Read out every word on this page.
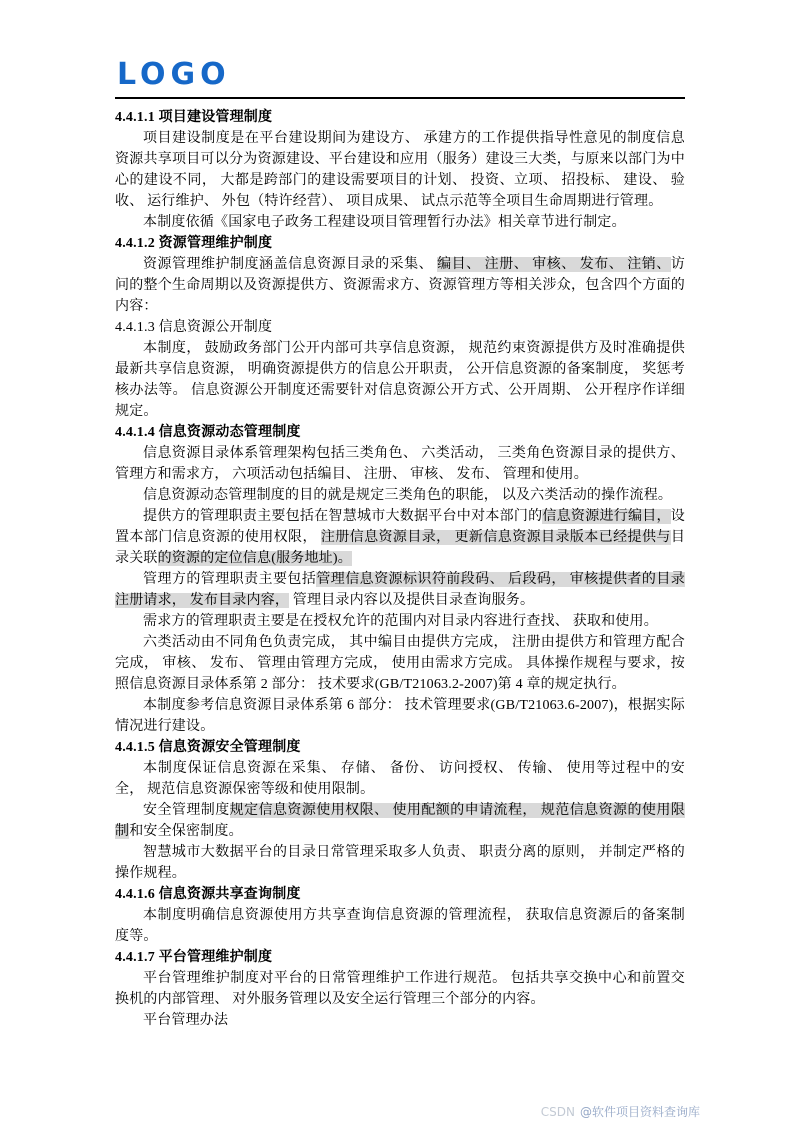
LOGO
4.4.1.1 项目建设管理制度

项目建设制度是在平台建设期间为建设方、 承建方的工作提供指导性意见的制度信息资源共享项目可以分为资源建设、平台建设和应用（服务）建设三大类，与原来以部门为中心的建设不同， 大都是跨部门的建设需要项目的计划、 投资、立项、 招投标、 建设、 验收、 运行维护、 外包（特许经营）、 项目成果、 试点示范等全项目生命周期进行管理。

本制度依循《国家电子政务工程建设项目管理暂行办法》相关章节进行制定。

4.4.1.2 资源管理维护制度

资源管理维护制度涵盖信息资源目录的采集、 编目、 注册、 审核、 发布、 注销、访问的整个生命周期以及资源提供方、资源需求方、资源管理方等相关涉众，包含四个方面的内容：

4.4.1.3 信息资源公开制度

本制度， 鼓励政务部门公开内部可共享信息资源， 规范约束资源提供方及时准确提供最新共享信息资源， 明确资源提供方的信息公开职责， 公开信息资源的备案制度， 奖惩考核办法等。 信息资源公开制度还需要针对信息资源公开方式、公开周期、 公开程序作详细规定。

4.4.1.4 信息资源动态管理制度

信息资源目录体系管理架构包括三类角色、 六类活动， 三类角色资源目录的提供方、管理方和需求方， 六项活动包括编目、 注册、 审核、 发布、 管理和使用。

信息资源动态管理制度的目的就是规定三类角色的职能， 以及六类活动的操作流程。

提供方的管理职责主要包括在智慧城市大数据平台中对本部门的信息资源进行编目，设置本部门信息资源的使用权限， 注册信息资源目录， 更新信息资源目录版本已经提供与目录关联的资源的定位信息(服务地址)。

管理方的管理职责主要包括管理信息资源标识符前段码、 后段码， 审核提供者的目录注册请求， 发布目录内容， 管理目录内容以及提供目录查询服务。

需求方的管理职责主要是在授权允许的范围内对目录内容进行查找、 获取和使用。

六类活动由不同角色负责完成， 其中编目由提供方完成， 注册由提供方和管理方配合完成， 审核、 发布、 管理由管理方完成， 使用由需求方完成。 具体操作规程与要求，按照信息资源目录体系第 2 部分： 技术要求(GB/T21063.2-2007)第 4 章的规定执行。

本制度参考信息资源目录体系第 6 部分： 技术管理要求(GB/T21063.6-2007)，根据实际情况进行建设。

4.4.1.5 信息资源安全管理制度

本制度保证信息资源在采集、 存储、 备份、 访问授权、 传输、 使用等过程中的安全， 规范信息资源保密等级和使用限制。

安全管理制度规定信息资源使用权限、 使用配额的申请流程， 规范信息资源的使用限制和安全保密制度。

智慧城市大数据平台的目录日常管理采取多人负责、 职责分离的原则， 并制定严格的操作规程。

4.4.1.6 信息资源共享查询制度

本制度明确信息资源使用方共享查询信息资源的管理流程， 获取信息资源后的备案制度等。

4.4.1.7 平台管理维护制度

平台管理维护制度对平台的日常管理维护工作进行规范。 包括共享交换中心和前置交换机的内部管理、 对外服务管理以及安全运行管理三个部分的内容。

平台管理办法

CSDN @软件项目资料查询库
